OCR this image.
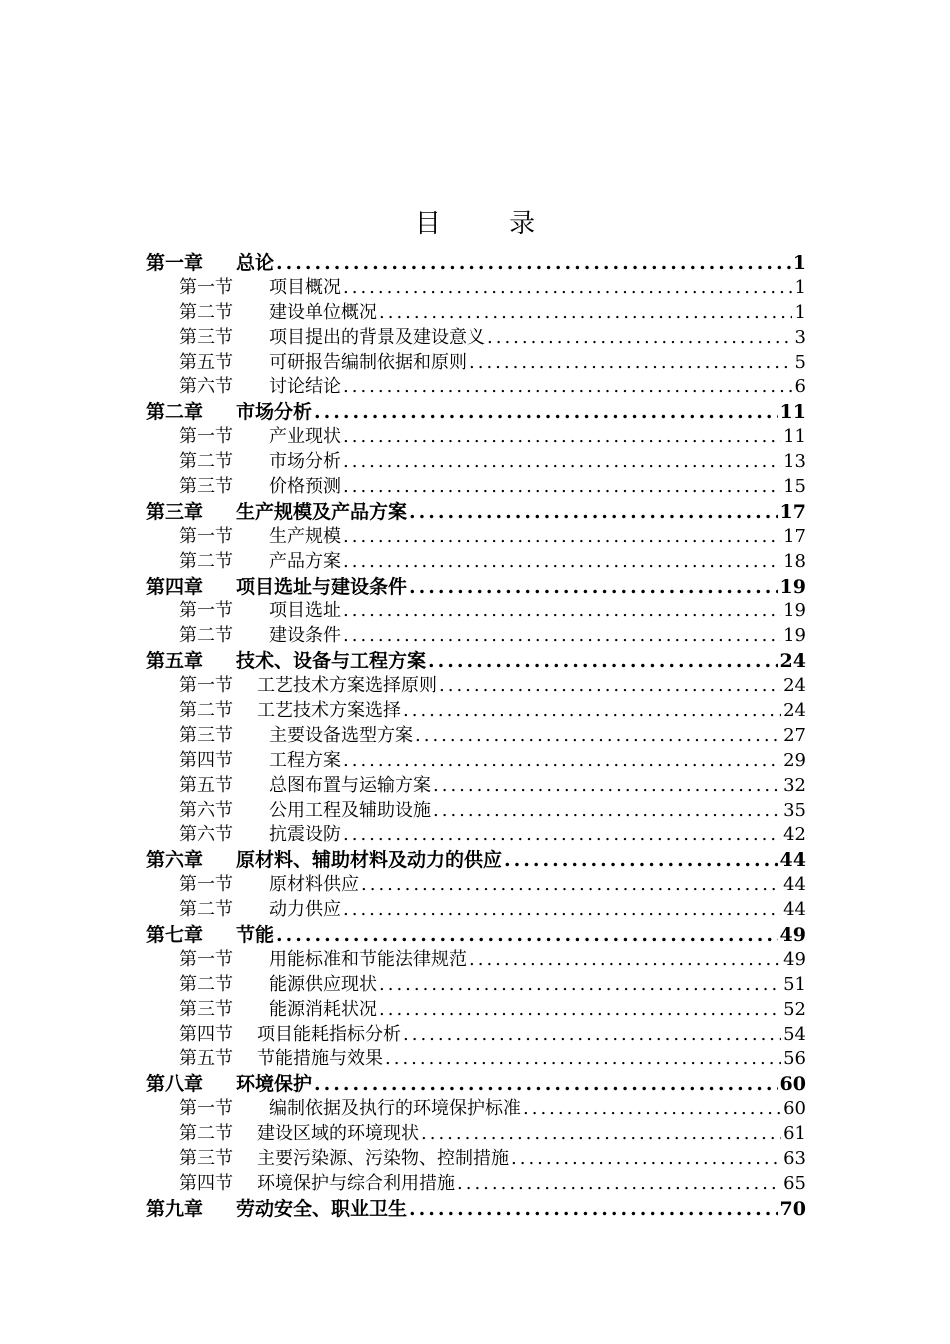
目 录
第一章 总论 .....	1
第一节 项目概况 .....	1
第二节 建设单位概况 .....	1
第三节 项目提出的背景及建设意义 .....	3
第五节 可研报告编制依据和原则 .....	5
第六节 讨论结论 .....	6
第二章 市场分析 .....	11
第一节 产业现状 .....	11
第二节 市场分析 .....	13
第三节 价格预测 .....	15
第三章 生产规模及产品方案 .....	17
第一节 生产规模 .....	17
第二节 产品方案 .....	18
第四章 项目选址与建设条件 .....	19
第一节 项目选址 .....	19
第二节 建设条件 .....	19
第五章 技术、设备与工程方案 .....	24
第一节 工艺技术方案选择原则 .....	24
第二节 工艺技术方案选择 .....	24
第三节 主要设备选型方案 .....	27
第四节 工程方案 .....	29
第五节 总图布置与运输方案 .....	32
第六节 公用工程及辅助设施 .....	35
第六节 抗震设防 .....	42
第六章 原材料、辅助材料及动力的供应 .....	44
第一节 原材料供应 .....	44
第二节 动力供应 .....	44
第七章 节能 .....	49
第一节 用能标准和节能法律规范 .....	49
第二节 能源供应现状 .....	51
第三节 能源消耗状况 .....	52
第四节 项目能耗指标分析 .....	54
第五节 节能措施与效果 .....	56
第八章 环境保护 .....	60
第一节 编制依据及执行的环境保护标准 .....	60
第二节 建设区域的环境现状 .....	61
第三节 主要污染源、污染物、控制措施 .....	63
第四节 环境保护与综合利用措施 .....	65
第九章 劳动安全、职业卫生 .....	70
